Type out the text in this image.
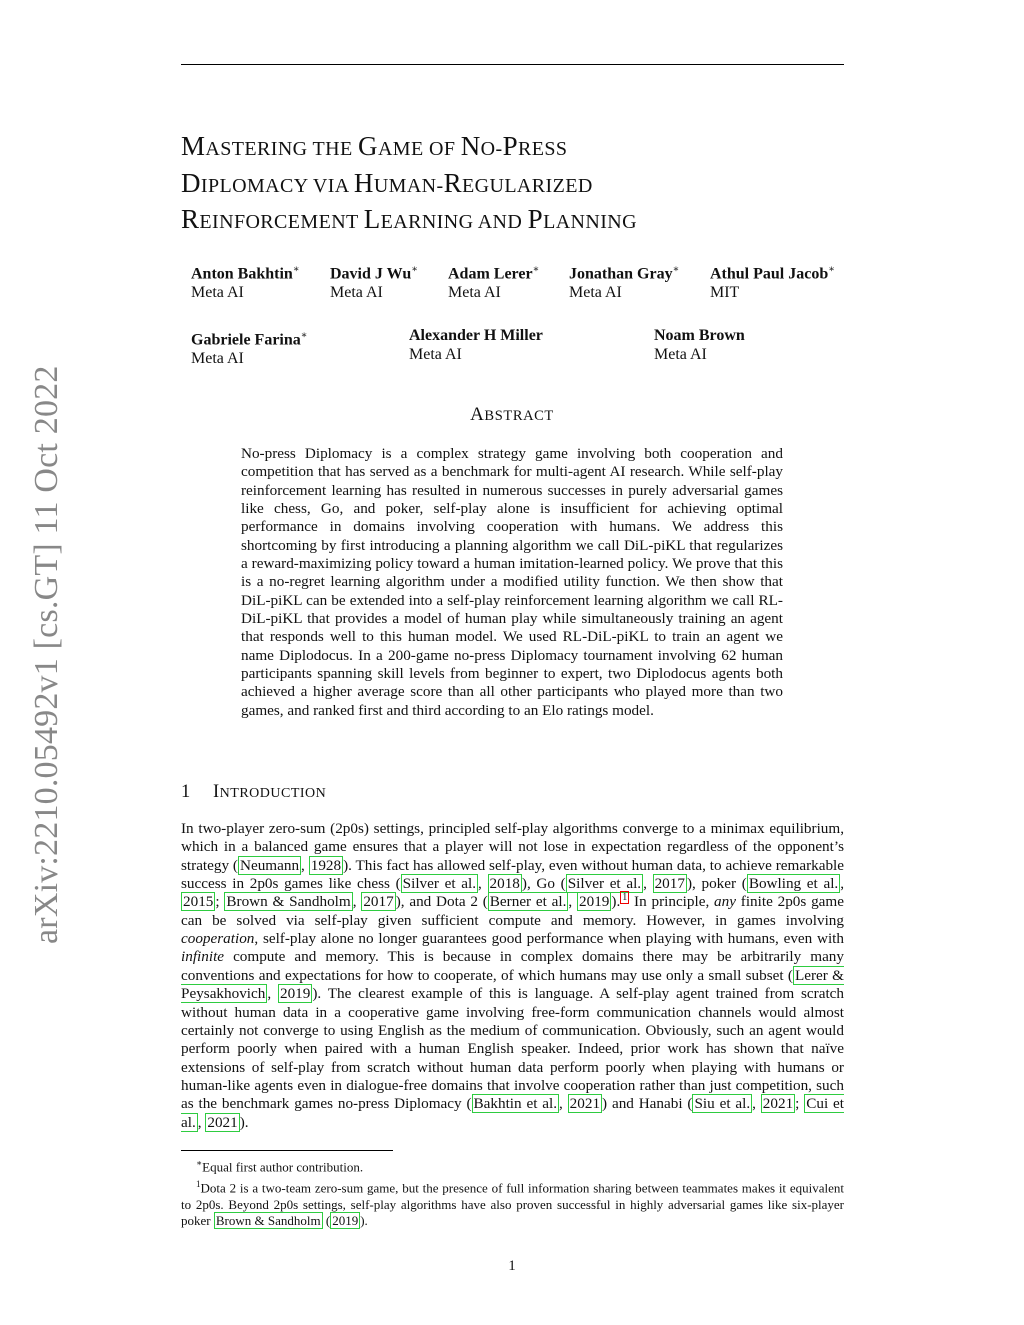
MASTERING THE GAME OF NO-PRESS
DIPLOMACY VIA HUMAN-REGULARIZED
REINFORCEMENT LEARNING AND PLANNING
Anton Bakhtin∗
Meta AI
David J Wu∗
Meta AI
Adam Lerer∗
Meta AI
Jonathan Gray∗
Meta AI
Athul Paul Jacob∗
MIT
Gabriele Farina∗
Meta AI
Alexander H Miller
Meta AI
Noam Brown
Meta AI
arXiv:2210.05492v1 [cs.GT] 11 Oct 2022	ABSTRACT
No-press Diplomacy is a complex strategy game involving both cooperation and competition that has served as a benchmark for multi-agent AI research. While self-play reinforcement learning has resulted in numerous successes in purely adversarial games like chess, Go, and poker, self-play alone is insufficient for achieving optimal performance in domains involving cooperation with humans. We address this shortcoming by first introducing a planning algorithm we call DiL-piKL that regularizes a reward-maximizing policy toward a human imitation-learned policy. We prove that this is a no-regret learning algorithm under a modified utility function. We then show that DiL-piKL can be extended into a self-play reinforcement learning algorithm we call RL-DiL-piKL that provides a model of human play while simultaneously training an agent that responds well to this human model. We used RL-DiL-piKL to train an agent we name Diplodocus. In a 200-game no-press Diplomacy tournament involving 62 human participants spanning skill levels from beginner to expert, two Diplodocus agents both achieved a higher average score than all other participants who played more than two games, and ranked first and third according to an Elo ratings model.
1 INTRODUCTION
In two-player zero-sum (2p0s) settings, principled self-play algorithms converge to a minimax equilibrium, which in a balanced game ensures that a player will not lose in expectation regardless of the opponent’s strategy ( Neumann , 1928 ). This fact has allowed self-play, even without human data, to achieve remarkable success in 2p0s games like chess ( Silver et al. , 2018 ), Go ( Silver et al. , 2017 ), poker ( Bowling et al. , 2015 ; Brown & Sandholm , 2017 ), and Dota 2 ( Berner et al. , 2019 ). $^1$ In principle, any finite 2p0s game can be solved via self-play given sufficient compute and memory. However, in games involving cooperation, self-play alone no longer guarantees good performance when playing with humans, even with infinite compute and memory. This is because in complex domains there may be arbitrarily many conventions and expectations for how to cooperate, of which humans may use only a small subset ( Lerer & Peysakhovich , 2019 ). The clearest example of this is language. A self-play agent trained from scratch without human data in a cooperative game involving free-form communication channels would almost certainly not converge to using English as the medium of communication. Obviously, such an agent would perform poorly when paired with a human English speaker. Indeed, prior work has shown that naïve extensions of self-play from scratch without human data perform poorly when playing with humans or human-like agents even in dialogue-free domains that involve cooperation rather than just competition, such as the benchmark games no-press Diplomacy ( Bakhtin et al. , 2021 ) and Hanabi ( Siu et al. , 2021 ; Cui et al. , 2021 ).

∗Equal first author contribution.

$^1$Dota 2 is a two-team zero-sum game, but the presence of full information sharing between teammates makes it equivalent to 2p0s. Beyond 2p0s settings, self-play algorithms have also proven successful in highly adversarial games like six-player poker Brown & Sandholm ( 2019 ).

1
